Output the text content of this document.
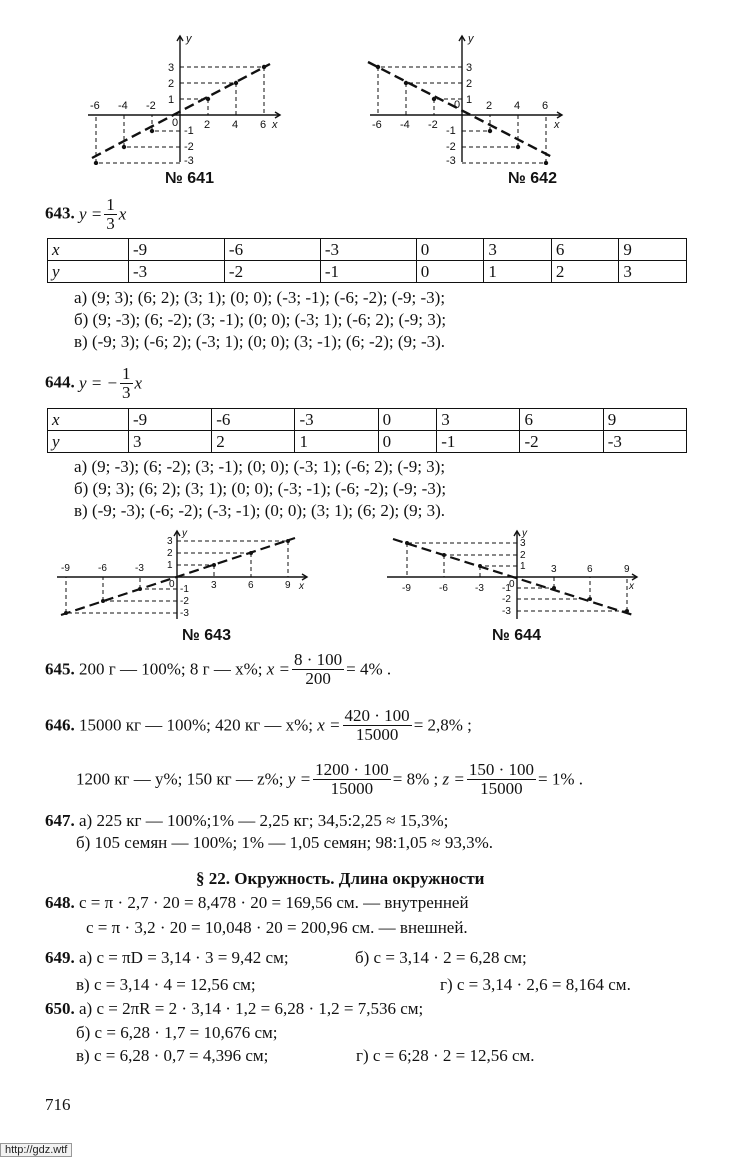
-6 -4 -2
0 2 4 6
3
2
1
-1
-2
-3
x
y
№ 641
-6 -4 -2
0 2 4 6
3
2
1
-1
-2
-3
x
y
№ 642
643. $y = \frac{1}{3}$ x
x	-9	-6	-3	0	3	6	9
y	-3	-2	-1	0	1	2	3
а) (9; 3); (6; 2); (3; 1); (0; 0); (-3; -1); (-6; -2); (-9; -3);
б) (9; -3); (6; -2); (3; -1); (0; 0); (-3; 1); (-6; 2); (-9; 3);
в) (-9; 3); (-6; 2); (-3; 1); (0; 0); (3; -1); (6; -2); (9; -3).
644. y = − $\frac{1}{3}$ x
x	-9	-6	-3	0	3	6	9
y	3	2	1	0	-1	-2	-3
а) (9; -3); (6; -2); (3; -1); (0; 0); (-3; 1); (-6; 2); (-9; 3);
б) (9; 3); (6; 2); (3; 1); (0; 0); (-3; -1); (-6; -2); (-9; -3);
в) (-9; -3); (-6; -2); (-3; -1); (0; 0); (3; 1); (6; 2); (9; 3).
-9	-6	-3
0	3	6	9
3
2
1
-1
-2
-3
x
y
№ 643
-9	-6	-3	0
3	6	9
3
2
1
-1
-2
-3
x
y
№ 644
645. 200 г — 100%; 8 г — x%; $x = \frac{8 \cdot 100}{200} = 4\%$ .
646. 15000 кг — 100%; 420 кг — x%; $x = \frac{420 \cdot 100}{15000} = 2,8\%$ ;
1200 кг — y%; 150 кг — z%; $y = \frac{1200 \cdot 100}{15000} = 8\%$ ; $z = \frac{150 \cdot 100}{15000} = 1\%$ .
647. а) 225 кг — 100%;1% — 2,25 кг; 34,5:2,25 ≈ 15,3%;
б) 105 семян — 100%; 1% — 1,05 семян; 98:1,05 ≈ 93,3%.
§ 22. Окружность. Длина окружности
648. c = π · 2,7 · 20 = 8,478 · 20 = 169,56 см. — внутренней
c = π · 3,2 · 20 = 10,048 · 20 = 200,96 см. — внешней.
649. а) c = πD = 3,14 · 3 = 9,42 см;	б) c = 3,14 · 2 = 6,28 см;
в) c = 3,14 · 4 = 12,56 см;	г) c = 3,14 · 2,6 = 8,164 см.
650. а) c = 2πR = 2 · 3,14 · 1,2 = 6,28 · 1,2 = 7,536 см;
б) c = 6,28 · 1,7 = 10,676 см;
в) c = 6,28 · 0,7 = 4,396 см;	г) c = 6;28 · 2 = 12,56 см.
716
http://gdz.wtf
